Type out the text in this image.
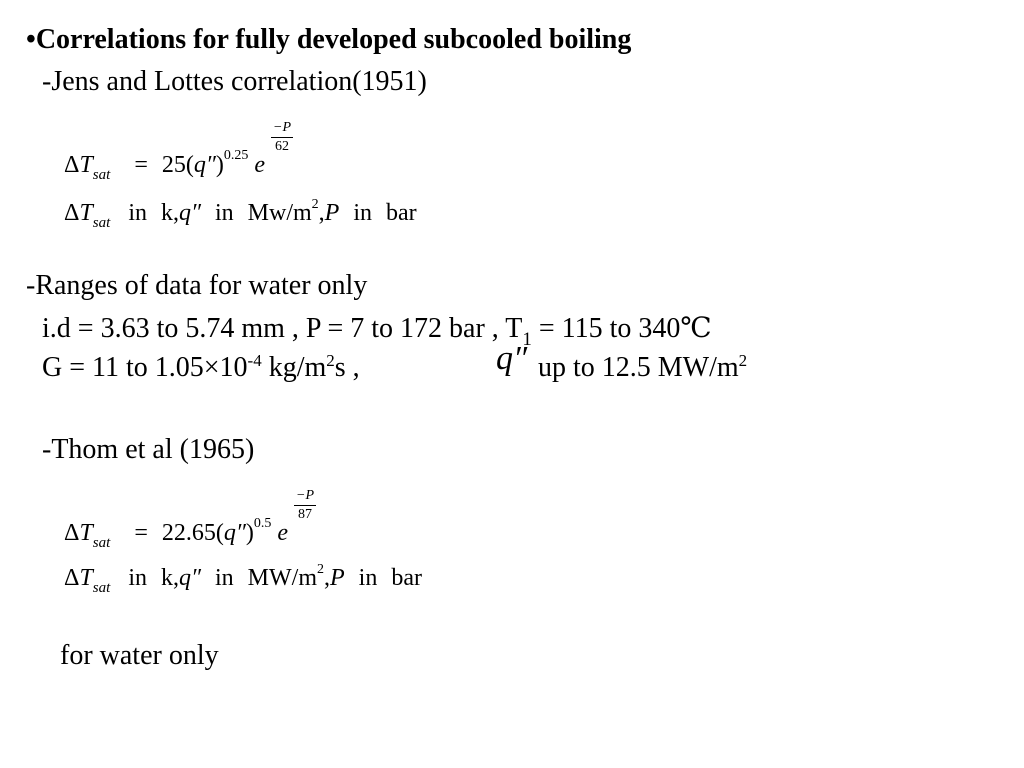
•Correlations for fully developed subcooled boiling
-Jens and Lottes correlation(1951)
$\Delta T_{sat} = 25(q'')^{0.25}$ e
$\frac{-P}{62}$
$\Delta T_{sat}$ in k,q″ in $Mw/m^2,P$ in bar
-Ranges of data for water only
i.d = 3.63 to 5.74 mm , P = 7 to 172 bar , $T_1 = 115$ to 340℃
G = 11 to $1.05\times 10^{-4}$ $kg/m^2s$ ,	q″ up to 12.5 $MW/m^2$
-Thom et al (1965)
$\Delta T_{sat} = 22.65(q'')^{0.5}$ e
$\frac{-P}{87}$
$\Delta T_{sat}$ in k,q″ in $MW/m^2,P$ in bar
for water only
